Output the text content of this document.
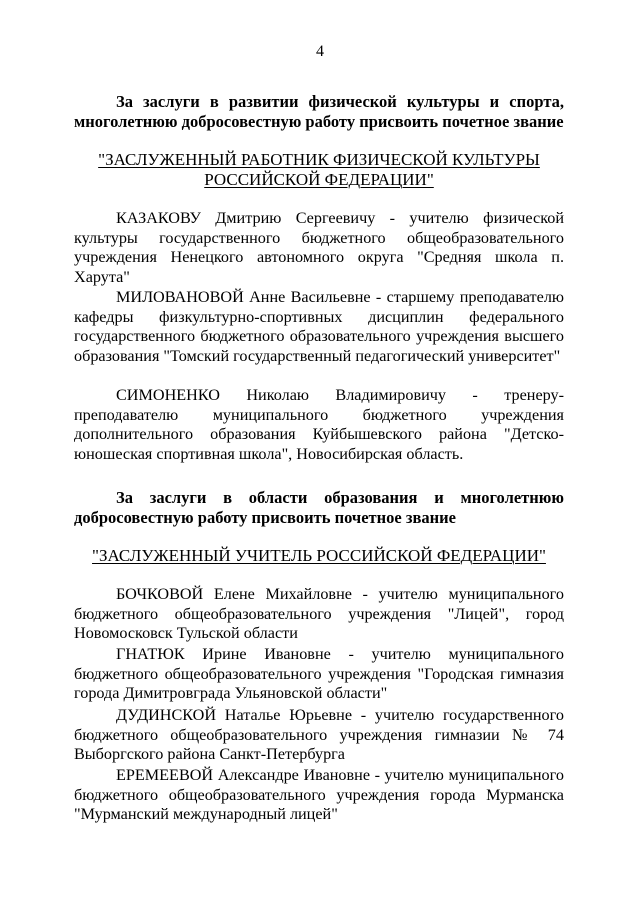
4
За заслуги в развитии физической культуры и спорта,
многолетнюю добросовестную работу присвоить почетное звание
"ЗАСЛУЖЕННЫЙ РАБОТНИК ФИЗИЧЕСКОЙ КУЛЬТУРЫ
РОССИЙСКОЙ ФЕДЕРАЦИИ"
КАЗАКОВУ Дмитрию Сергеевичу - учителю физической культуры государственного бюджетного общеобразовательного учреждения Ненецкого автономного округа "Средняя школа п. Харута"
МИЛОВАНОВОЙ Анне Васильевне - старшему преподавателю кафедры физкультурно-спортивных дисциплин федерального государственного бюджетного образовательного учреждения высшего образования "Томский государственный педагогический университет"
СИМОНЕНКО Николаю Владимировичу - тренеру-преподавателю муниципального бюджетного учреждения дополнительного образования Куйбышевского района "Детско-юношеская спортивная школа", Новосибирская область.
За заслуги в области образования и многолетнюю
добросовестную работу присвоить почетное звание
"ЗАСЛУЖЕННЫЙ УЧИТЕЛЬ РОССИЙСКОЙ ФЕДЕРАЦИИ"
БОЧКОВОЙ Елене Михайловне - учителю муниципального бюджетного общеобразовательного учреждения "Лицей", город Новомосковск Тульской области
ГНАТЮК Ирине Ивановне - учителю муниципального бюджетного общеобразовательного учреждения "Городская гимназия города Димитровграда Ульяновской области"
ДУДИНСКОЙ Наталье Юрьевне - учителю государственного бюджетного общеобразовательного учреждения гимназии № 74 Выборгского района Санкт-Петербурга
ЕРЕМЕЕВОЙ Александре Ивановне - учителю муниципального бюджетного общеобразовательного учреждения города Мурманска "Мурманский международный лицей"
